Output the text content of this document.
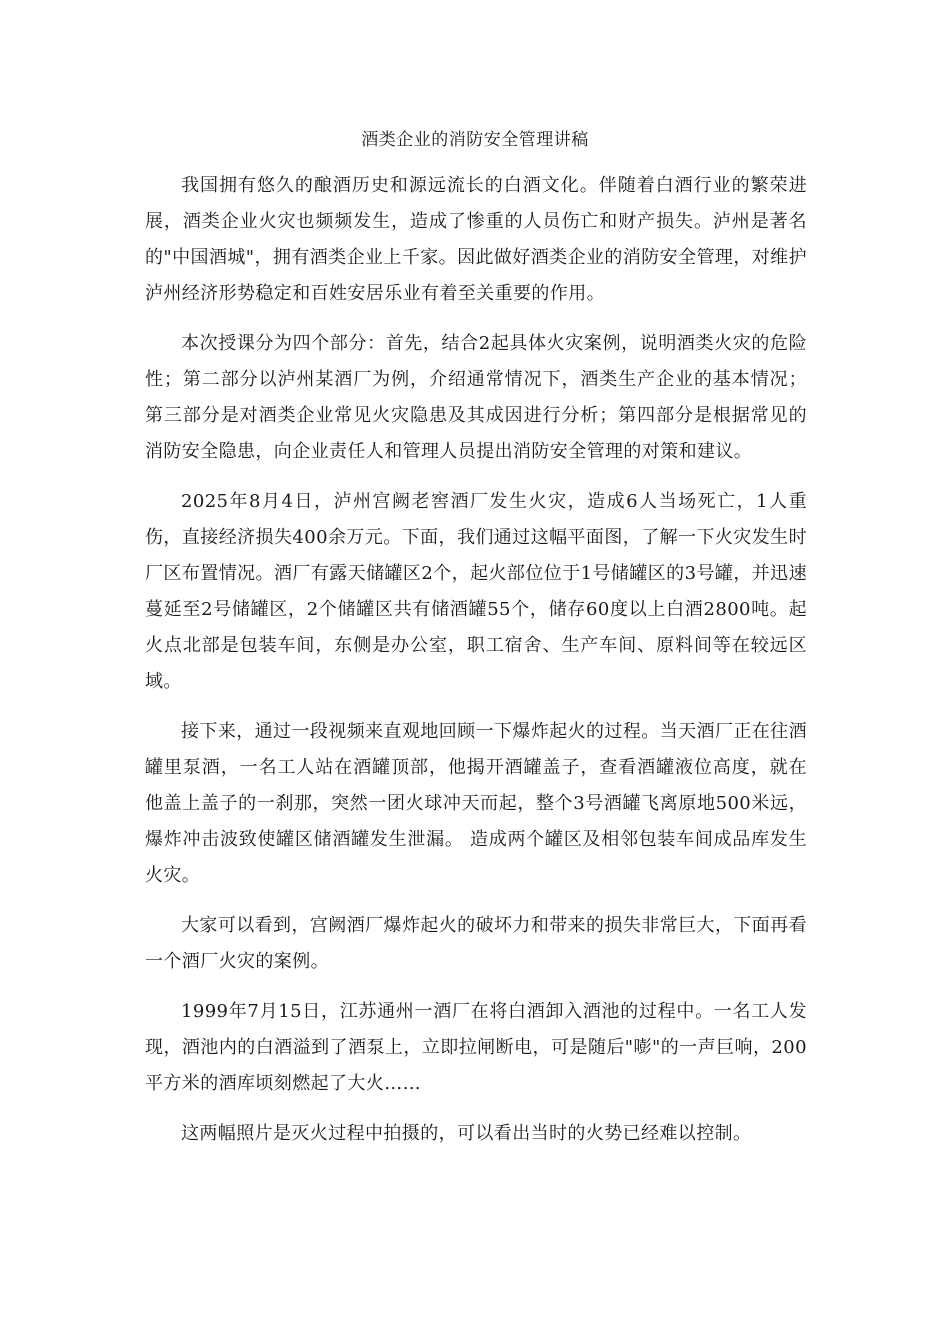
酒类企业的消防安全管理讲稿

我国拥有悠久的酿酒历史和源远流长的白酒文化。伴随着白酒行业的繁荣进展，酒类企业火灾也频频发生，造成了惨重的人员伤亡和财产损失。泸州是著名的"中国酒城"，拥有酒类企业上千家。因此做好酒类企业的消防安全管理，对维护泸州经济形势稳定和百姓安居乐业有着至关重要的作用。

本次授课分为四个部分：首先，结合2起具体火灾案例，说明酒类火灾的危险性；第二部分以泸州某酒厂为例，介绍通常情况下，酒类生产企业的基本情况；第三部分是对酒类企业常见火灾隐患及其成因进行分析；第四部分是根据常见的消防安全隐患，向企业责任人和管理人员提出消防安全管理的对策和建议。

2025年8月4日，泸州宫阙老窖酒厂发生火灾，造成6人当场死亡，1人重伤，直接经济损失400余万元。下面，我们通过这幅平面图，了解一下火灾发生时厂区布置情况。酒厂有露天储罐区2个，起火部位位于1号储罐区的3号罐，并迅速蔓延至2号储罐区，2个储罐区共有储酒罐55个，储存60度以上白酒2800吨。起火点北部是包装车间，东侧是办公室，职工宿舍、生产车间、原料间等在较远区域。

接下来，通过一段视频来直观地回顾一下爆炸起火的过程。当天酒厂正在往酒罐里泵酒，一名工人站在酒罐顶部，他揭开酒罐盖子，查看酒罐液位高度，就在他盖上盖子的一刹那，突然一团火球冲天而起，整个3号酒罐飞离原地500米远，爆炸冲击波致使罐区储酒罐发生泄漏。 造成两个罐区及相邻包装车间成品库发生火灾。

大家可以看到，宫阙酒厂爆炸起火的破坏力和带来的损失非常巨大，下面再看一个酒厂火灾的案例。

1999年7月15日，江苏通州一酒厂在将白酒卸入酒池的过程中。一名工人发现，酒池内的白酒溢到了酒泵上，立即拉闸断电，可是随后"嘭"的一声巨响，200平方米的酒库顷刻燃起了大火……

这两幅照片是灭火过程中拍摄的，可以看出当时的火势已经难以控制。
